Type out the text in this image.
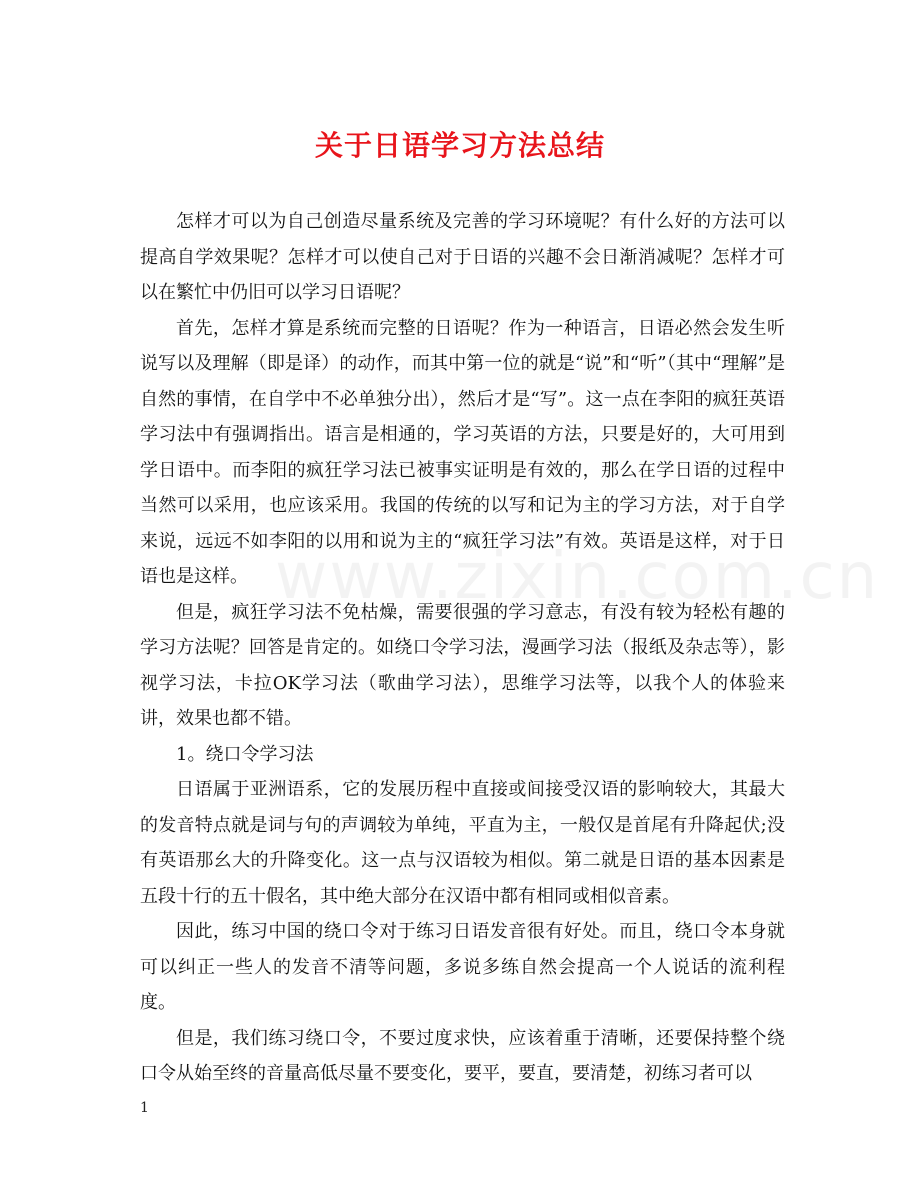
关于日语学习方法总结

怎样才可以为自己创造尽量系统及完善的学习环境呢？有什么好的方法可以提高自学效果呢？怎样才可以使自己对于日语的兴趣不会日渐消减呢？怎样才可以在繁忙中仍旧可以学习日语呢？

首先，怎样才算是系统而完整的日语呢？作为一种语言，日语必然会发生听说写以及理解（即是译）的动作，而其中第一位的就是“说”和“听”（其中“理解”是自然的事情，在自学中不必单独分出），然后才是“写”。这一点在李阳的疯狂英语学习法中有强调指出。语言是相通的，学习英语的方法，只要是好的，大可用到学日语中。而李阳的疯狂学习法已被事实证明是有效的，那么在学日语的过程中当然可以采用，也应该采用。我国的传统的以写和记为主的学习方法，对于自学来说，远远不如李阳的以用和说为主的“疯狂学习法”有效。英语是这样，对于日语也是这样。

但是，疯狂学习法不免枯燥，需要很强的学习意志，有没有较为轻松有趣的学习方法呢？回答是肯定的。如绕口令学习法，漫画学习法（报纸及杂志等），影视学习法，卡拉OK学习法（歌曲学习法），思维学习法等，以我个人的体验来讲，效果也都不错。

1。绕口令学习法

日语属于亚洲语系，它的发展历程中直接或间接受汉语的影响较大，其最大的发音特点就是词与句的声调较为单纯，平直为主，一般仅是首尾有升降起伏;没有英语那幺大的升降变化。这一点与汉语较为相似。第二就是日语的基本因素是五段十行的五十假名，其中绝大部分在汉语中都有相同或相似音素。

因此，练习中国的绕口令对于练习日语发音很有好处。而且，绕口令本身就可以纠正一些人的发音不清等问题，多说多练自然会提高一个人说话的流利程度。

但是，我们练习绕口令，不要过度求快，应该着重于清晰，还要保持整个绕口令从始至终的音量高低尽量不要变化，要平，要直，要清楚，初练习者可以

1
